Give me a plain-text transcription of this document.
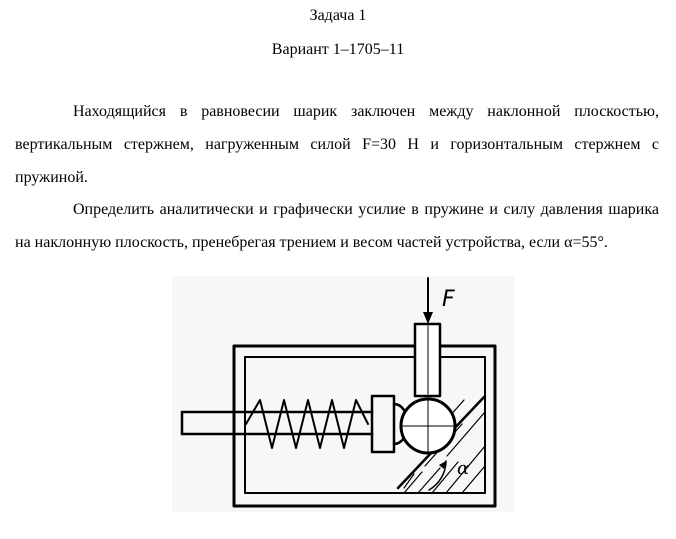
Задача 1
Вариант 1–1705–11
Находящийся в равновесии шарик заключен между наклонной плоскостью, вертикальным стержнем, нагруженным силой F=30 Н и горизонтальным стержнем с пружиной.
Определить аналитически и графически усилие в пружине и силу давления шарика на наклонную плоскость, пренебрегая трением и весом частей устройства, если α=55°.
F
α
